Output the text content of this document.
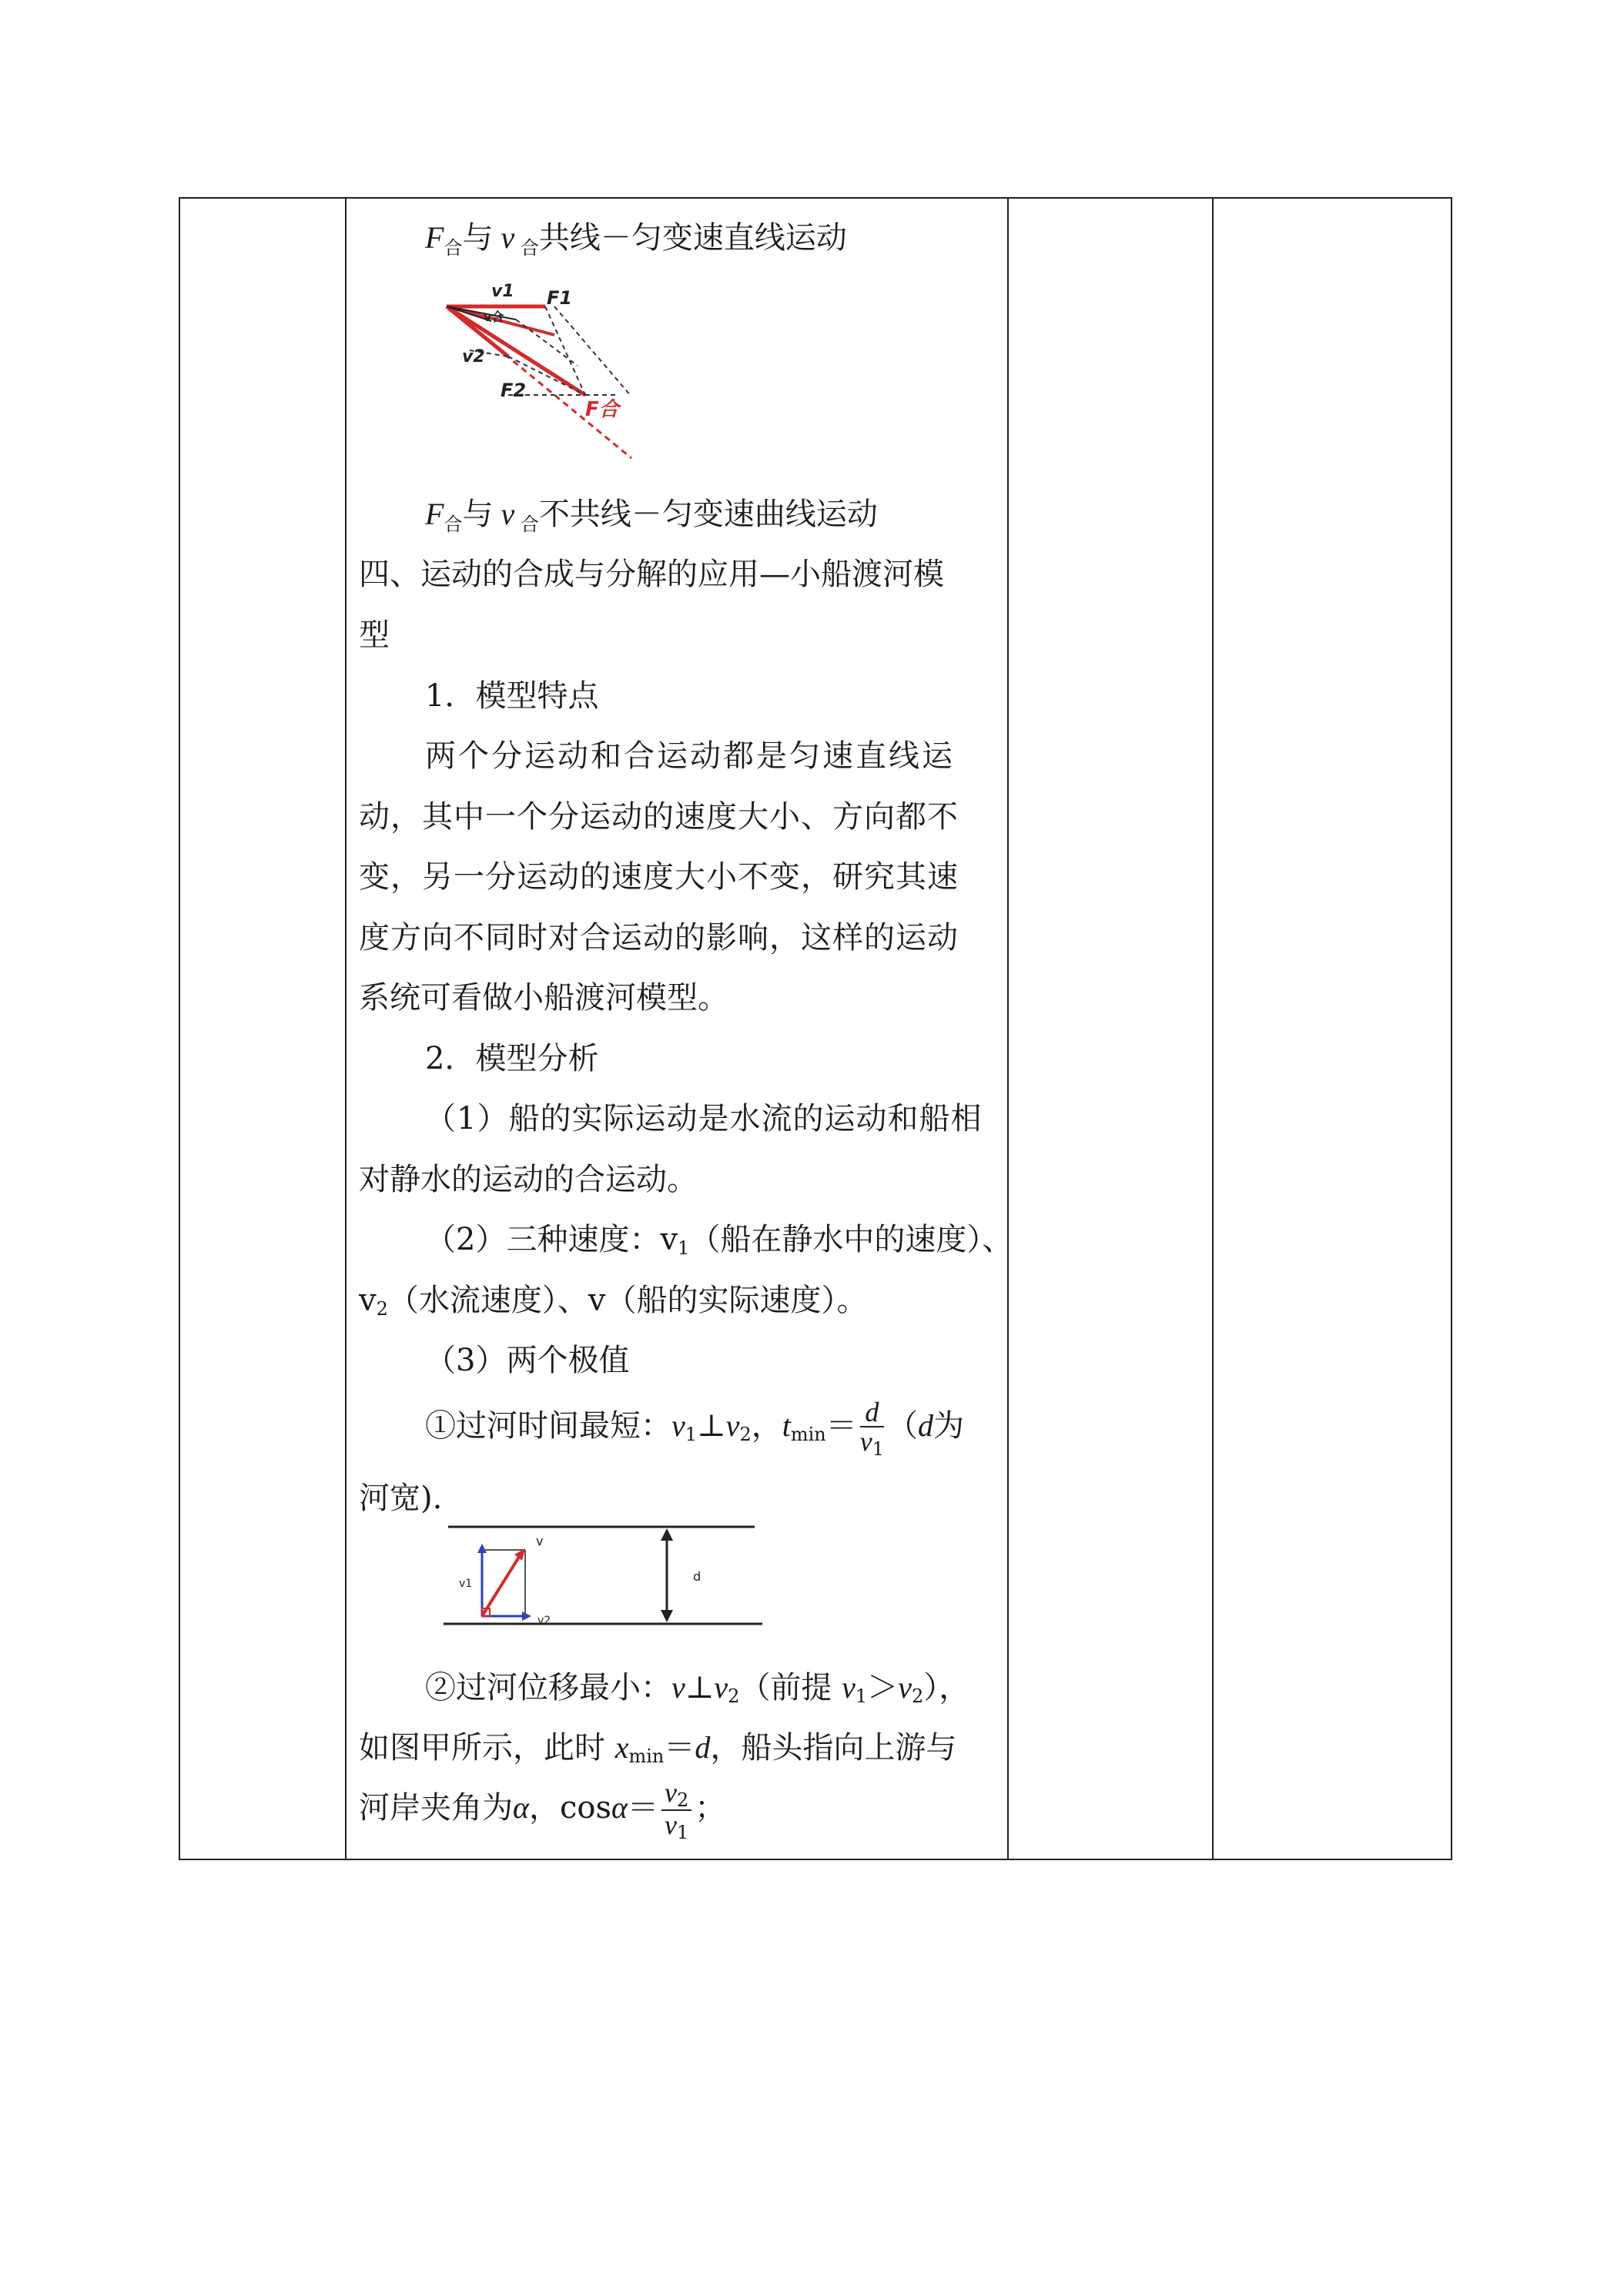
$F_合$与 v $_合$共线－匀变速直线运动
v1 F1
v2
F2
F合
v合
$F_合$与 v $_合$不共线－匀变速曲线运动
四、运动的合成与分解的应用—小船渡河模
型
1．模型特点
两个分运动和合运动都是匀速直线运
动，其中一个分运动的速度大小、方向都不
变，另一分运动的速度大小不变，研究其速
度方向不同时对合运动的影响，这样的运动
系统可看做小船渡河模型。
2．模型分析
（1）船的实际运动是水流的运动和船相
对静水的运动的合运动。
（2）三种速度：v1（船在静水中的速度）、
v2（水流速度）、v（船的实际速度）。
（3）两个极值
①过河时间最短：v1⊥v2，$tmin= \frac{d}{v1} (d$为
河宽).
v1
v
v2
d
②过河位移最小：v⊥v2（前提 v1＞v2），
如图甲所示，此时 xmin＝d，船头指向上游与
河岸夹角为α，$\cos\alpha= \frac{v2}{v1}$ ；
